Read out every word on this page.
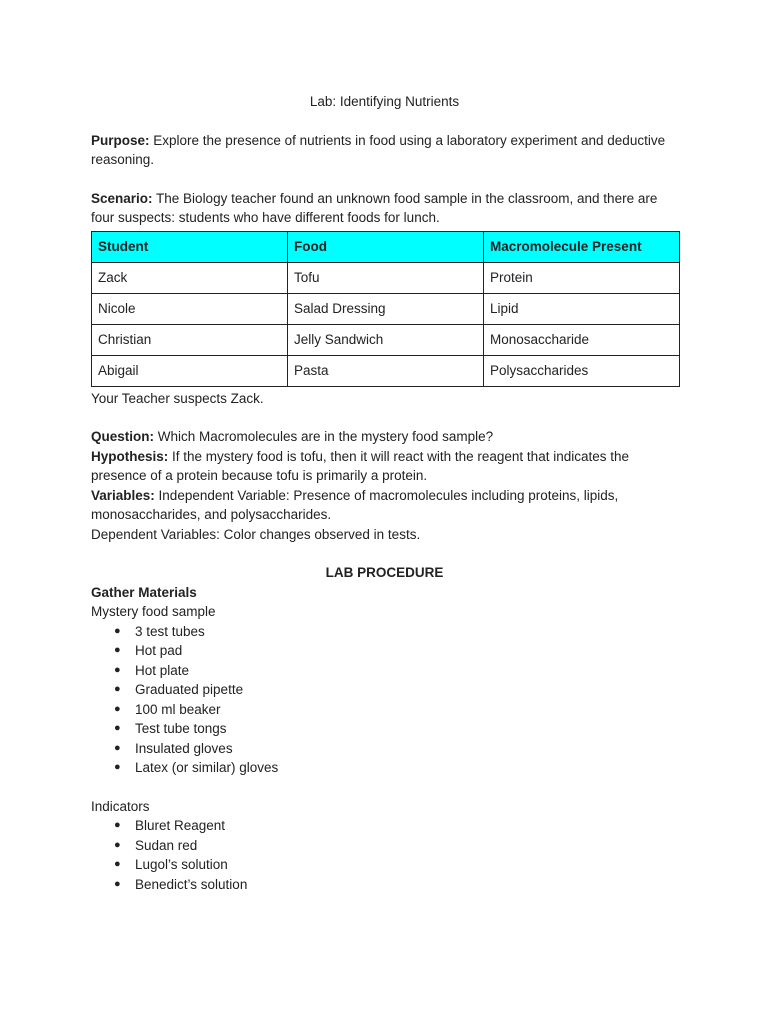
Lab: Identifying Nutrients

Purpose: Explore the presence of nutrients in food using a laboratory experiment and deductive reasoning.

Scenario: The Biology teacher found an unknown food sample in the classroom, and there are four suspects: students who have different foods for lunch.

Student	Food	Macromolecule Present
Zack	Tofu	Protein
Nicole	Salad Dressing	Lipid
Christian	Jelly Sandwich	Monosaccharide
Abigail	Pasta	Polysaccharides

Your Teacher suspects Zack.

Question: Which Macromolecules are in the mystery food sample?

Hypothesis: If the mystery food is tofu, then it will react with the reagent that indicates the presence of a protein because tofu is primarily a protein.

Variables: Independent Variable: Presence of macromolecules including proteins, lipids, monosaccharides, and polysaccharides.

Dependent Variables: Color changes observed in tests.

LAB PROCEDURE

Gather Materials

Mystery food sample

● 3 test tubes
● Hot pad
● Hot plate
● Graduated pipette
● 100 ml beaker
● Test tube tongs
● Insulated gloves
● Latex (or similar) gloves

Indicators

● Bluret Reagent
● Sudan red
● Lugol’s solution
● Benedict’s solution
